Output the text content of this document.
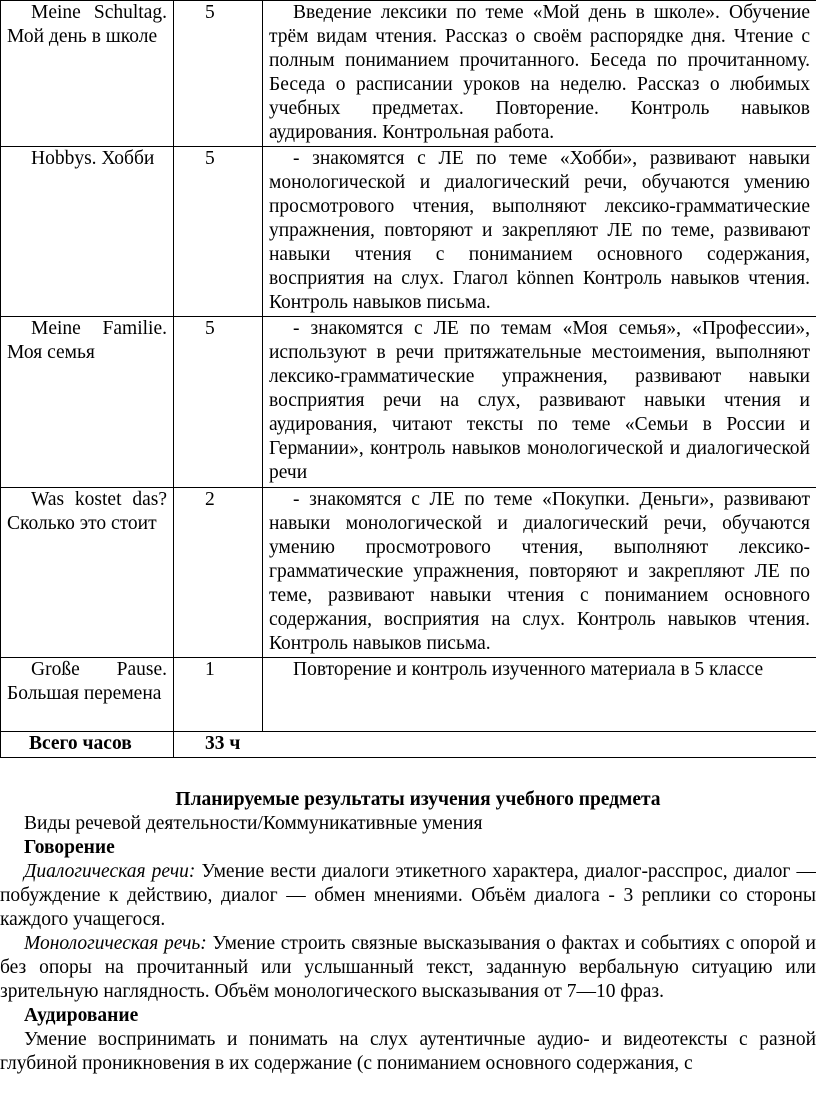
Meine Schultag. Мой день в школе	5	Введение лексики по теме «Мой день в школе». Обучение трём видам чтения. Рассказ о своём распорядке дня. Чтение с полным пониманием прочитанного. Беседа по прочитанному. Беседа о расписании уроков на неделю. Рассказ о любимых учебных предметах. Повторение. Контроль навыков аудирования. Контрольная работа.
Hobbys. Хобби	5	- знакомятся с ЛЕ по теме «Хобби», развивают навыки монологической и диалогический речи, обучаются умению просмотрового чтения, выполняют лексико-грамматические упражнения, повторяют и закрепляют ЛЕ по теме, развивают навыки чтения с пониманием основного содержания, восприятия на слух. Глагол können Контроль навыков чтения. Контроль навыков письма.
Meine Familie. Моя семья	5	- знакомятся с ЛЕ по темам «Моя семья», «Профессии», используют в речи притяжательные местоимения, выполняют лексико-грамматические упражнения, развивают навыки восприятия речи на слух, развивают навыки чтения и аудирования, читают тексты по теме «Семьи в России и Германии», контроль навыков монологической и диалогической речи
Was kostet das? Сколько это стоит	2	- знакомятся с ЛЕ по теме «Покупки. Деньги», развивают навыки монологической и диалогический речи, обучаются умению просмотрового чтения, выполняют лексико-грамматические упражнения, повторяют и закрепляют ЛЕ по теме, развивают навыки чтения с пониманием основного содержания, восприятия на слух. Контроль навыков чтения. Контроль навыков письма.
Große Pause. Большая перемена	1	Повторение и контроль изученного материала в 5 классе
Всего часов	33 ч	

Планируемые результаты изучения учебного предмета

Виды речевой деятельности/Коммуникативные умения

Говорение

Диалогическая речи: Умение вести диалоги этикетного характера, диалог-расспрос, диалог — побуждение к действию, диалог — обмен мнениями. Объём диалога - 3 реплики со стороны каждого учащегося.

Монологическая речь: Умение строить связные высказывания о фактах и событиях с опорой и без опоры на прочитанный или услышанный текст, заданную вербальную ситуацию или зрительную наглядность. Объём монологического высказывания от 7—10 фраз.

Аудирование

Умение воспринимать и понимать на слух аутентичные аудио- и видеотексты с разной глубиной проникновения в их содержание (с пониманием основного содержания, с
